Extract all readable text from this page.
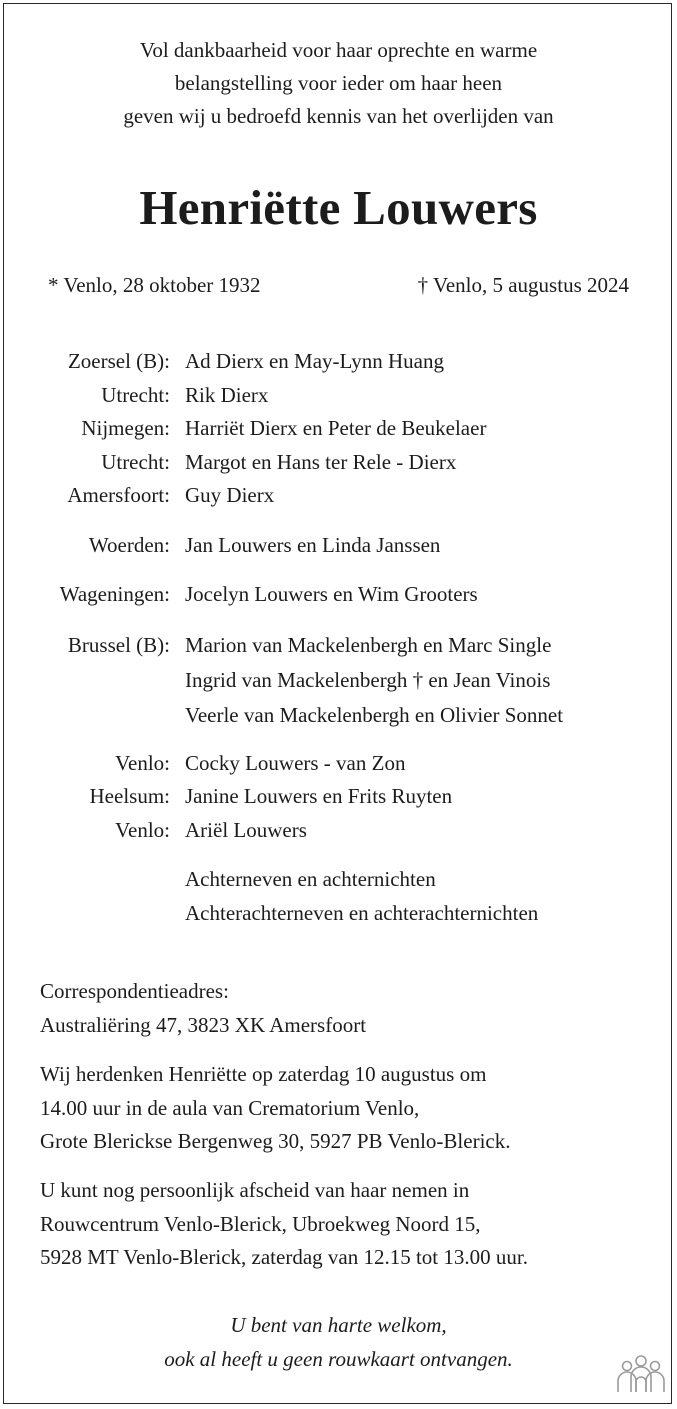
Vol dankbaarheid voor haar oprechte en warme
belangstelling voor ieder om haar heen
geven wij u bedroefd kennis van het overlijden van
Henriëtte Louwers
* Venlo, 28 oktober 1932	† Venlo, 5 augustus 2024
Zoersel (B): Ad Dierx en May-Lynn Huang
Utrecht: Rik Dierx
Nijmegen: Harriët Dierx en Peter de Beukelaer
Utrecht: Margot en Hans ter Rele - Dierx
Amersfoort: Guy Dierx
Woerden: Jan Louwers en Linda Janssen
Wageningen: Jocelyn Louwers en Wim Grooters
Brussel (B): Marion van Mackelenbergh en Marc Single
Ingrid van Mackelenbergh † en Jean Vinois
Veerle van Mackelenbergh en Olivier Sonnet
Venlo: Cocky Louwers - van Zon
Heelsum: Janine Louwers en Frits Ruyten
Venlo: Ariël Louwers
Achterneven en achternichten
Achterachterneven en achterachternichten
Correspondentieadres:
Australiëring 47, 3823 XK Amersfoort
Wij herdenken Henriëtte op zaterdag 10 augustus om
14.00 uur in de aula van Crematorium Venlo,
Grote Blerickse Bergenweg 30, 5927 PB Venlo-Blerick.
U kunt nog persoonlijk afscheid van haar nemen in
Rouwcentrum Venlo-Blerick, Ubroekweg Noord 15,
5928 MT Venlo-Blerick, zaterdag van 12.15 tot 13.00 uur.
U bent van harte welkom,
ook al heeft u geen rouwkaart ontvangen.
